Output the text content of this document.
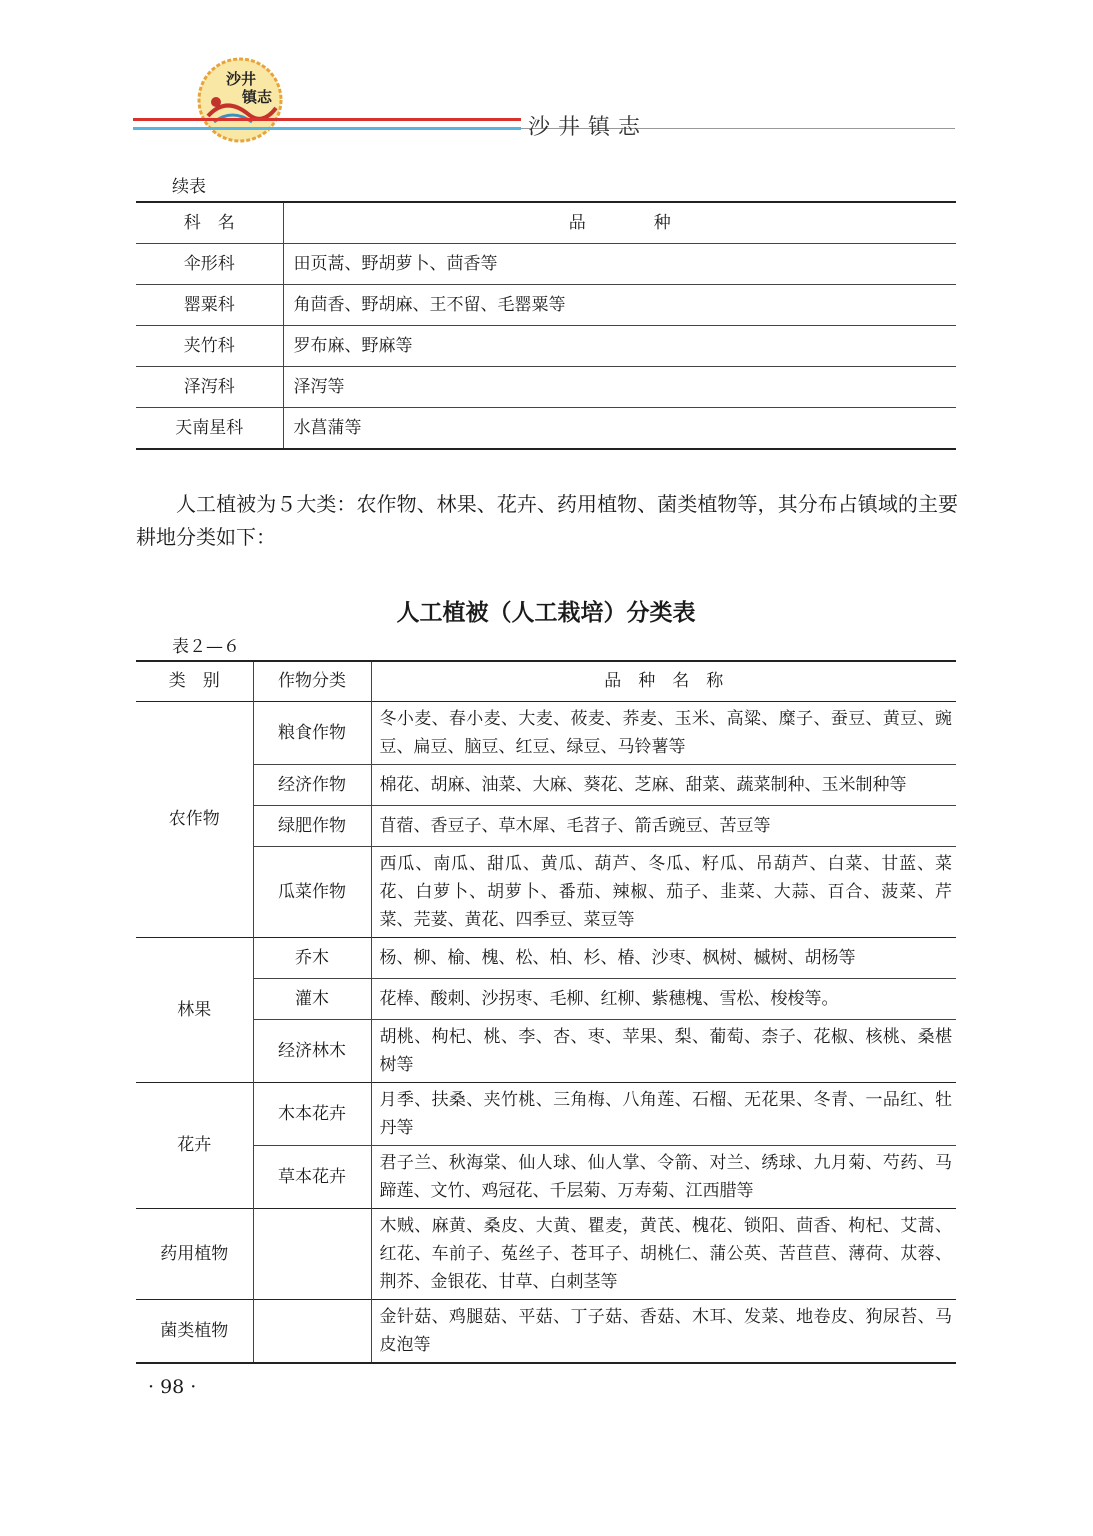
沙井
镇志
沙井镇志
续表
科　名	品　　　　种
伞形科	田页蒿、野胡萝卜、茴香等
罂粟科	角茴香、野胡麻、王不留、毛罂粟等
夹竹科	罗布麻、野麻等
泽泻科	泽泻等
天南星科	水菖蒲等
人工植被为５大类：农作物、林果、花卉、药用植物、菌类植物等，其分布占镇域的主要耕地分类如下：
人工植被（人工栽培）分类表
表２—６
类　别	作物分类	品　种　名　称
农作物	粮食作物	冬小麦、春小麦、大麦、莜麦、荞麦、玉米、高粱、糜子、蚕豆、黄豆、豌豆、扁豆、脑豆、红豆、绿豆、马铃薯等
	经济作物	棉花、胡麻、油菜、大麻、葵花、芝麻、甜菜、蔬菜制种、玉米制种等
	绿肥作物	苜蓿、香豆子、草木犀、毛苕子、箭舌豌豆、苦豆等
	瓜菜作物	西瓜、南瓜、甜瓜、黄瓜、葫芦、冬瓜、籽瓜、吊葫芦、白菜、甘蓝、菜花、白萝卜、胡萝卜、番茄、辣椒、茄子、韭菜、大蒜、百合、菠菜、芹菜、芫荽、黄花、四季豆、菜豆等
林果	乔木	杨、柳、榆、槐、松、柏、杉、椿、沙枣、枫树、槭树、胡杨等
	灌木	花棒、酸刺、沙拐枣、毛柳、红柳、紫穗槐、雪松、梭梭等。
	经济林木	胡桃、枸杞、桃、李、杏、枣、苹果、梨、葡萄、柰子、花椒、核桃、桑椹树等
花卉	木本花卉	月季、扶桑、夹竹桃、三角梅、八角莲、石榴、无花果、冬青、一品红、牡丹等
	草本花卉	君子兰、秋海棠、仙人球、仙人掌、令箭、对兰、绣球、九月菊、芍药、马蹄莲、文竹、鸡冠花、千层菊、万寿菊、江西腊等
药用植物		木贼、麻黄、桑皮、大黄、瞿麦，黄芪、槐花、锁阳、茴香、枸杞、艾蒿、红花、车前子、菟丝子、苍耳子、胡桃仁、蒲公英、苦苣苣、薄荷、苁蓉、荆芥、金银花、甘草、白刺茎等
菌类植物		金针菇、鸡腿菇、平菇、丁子菇、香菇、木耳、发菜、地卷皮、狗尿苔、马皮泡等
· 98 ·
